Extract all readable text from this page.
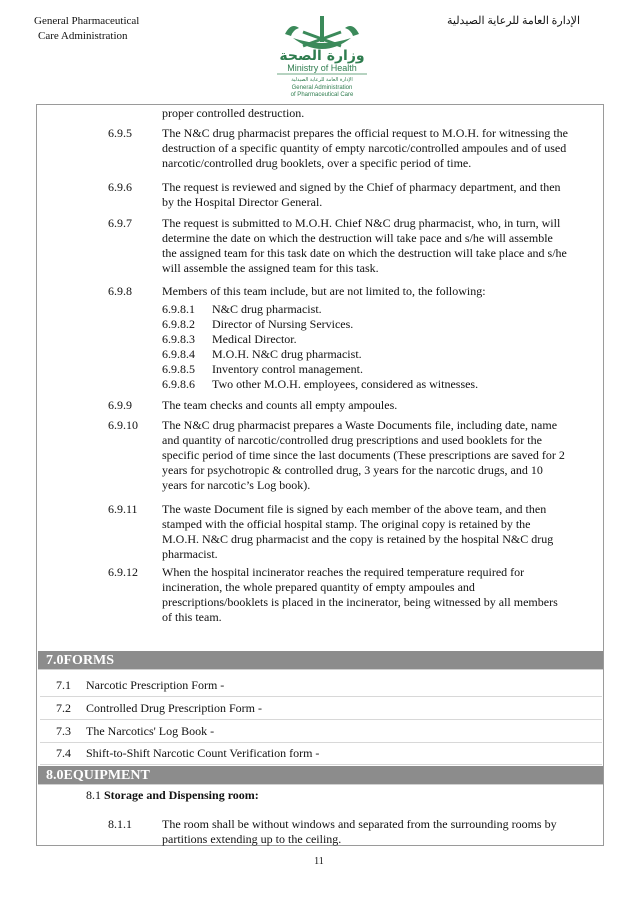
General Pharmaceutical
Care Administration
الإدارة العامة للرعاية الصيدلية
وزارة الصحة
Ministry of Health
الإدارة العامة للرعاية الصيدلية
General Administration
of Pharmaceutical Care
proper controlled destruction.
6.9.5	The N&C drug pharmacist prepares the official request to M.O.H. for witnessing the
destruction of a specific quantity of empty narcotic/controlled ampoules and of used
narcotic/controlled drug booklets, over a specific period of time.
6.9.6	The request is reviewed and signed by the Chief of pharmacy department, and then
by the Hospital Director General.
6.9.7	The request is submitted to M.O.H. Chief N&C drug pharmacist, who, in turn, will
determine the date on which the destruction will take pace and s/he will assemble
the assigned team for this task date on which the destruction will take place and s/he
will assemble the assigned team for this task.
6.9.8	Members of this team include, but are not limited to, the following:
6.9.8.1 N&C drug pharmacist.
6.9.8.2 Director of Nursing Services.
6.9.8.3 Medical Director.
6.9.8.4 M.O.H. N&C drug pharmacist.
6.9.8.5 Inventory control management.
6.9.8.6 Two other M.O.H. employees, considered as witnesses.
6.9.9	The team checks and counts all empty ampoules.
6.9.10 The N&C drug pharmacist prepares a Waste Documents file, including date, name
and quantity of narcotic/controlled drug prescriptions and used booklets for the
specific period of time since the last documents (These prescriptions are saved for 2
years for psychotropic & controlled drug, 3 years for the narcotic drugs, and 10
years for narcotic’s Log book).
6.9.11 The waste Document file is signed by each member of the above team, and then
stamped with the official hospital stamp. The original copy is retained by the
M.O.H. N&C drug pharmacist and the copy is retained by the hospital N&C drug
pharmacist.
6.9.12 When the hospital incinerator reaches the required temperature required for
incineration, the whole prepared quantity of empty ampoules and
prescriptions/booklets is placed in the incinerator, being witnessed by all members
of this team.
7.0FORMS
7.1 Narcotic Prescription Form -
7.2 Controlled Drug Prescription Form -
7.3 The Narcotics' Log Book -
7.4 Shift-to-Shift Narcotic Count Verification form -
8.0EQUIPMENT
8.1 Storage and Dispensing room:
8.1.1	The room shall be without windows and separated from the surrounding rooms by
partitions extending up to the ceiling.
11
